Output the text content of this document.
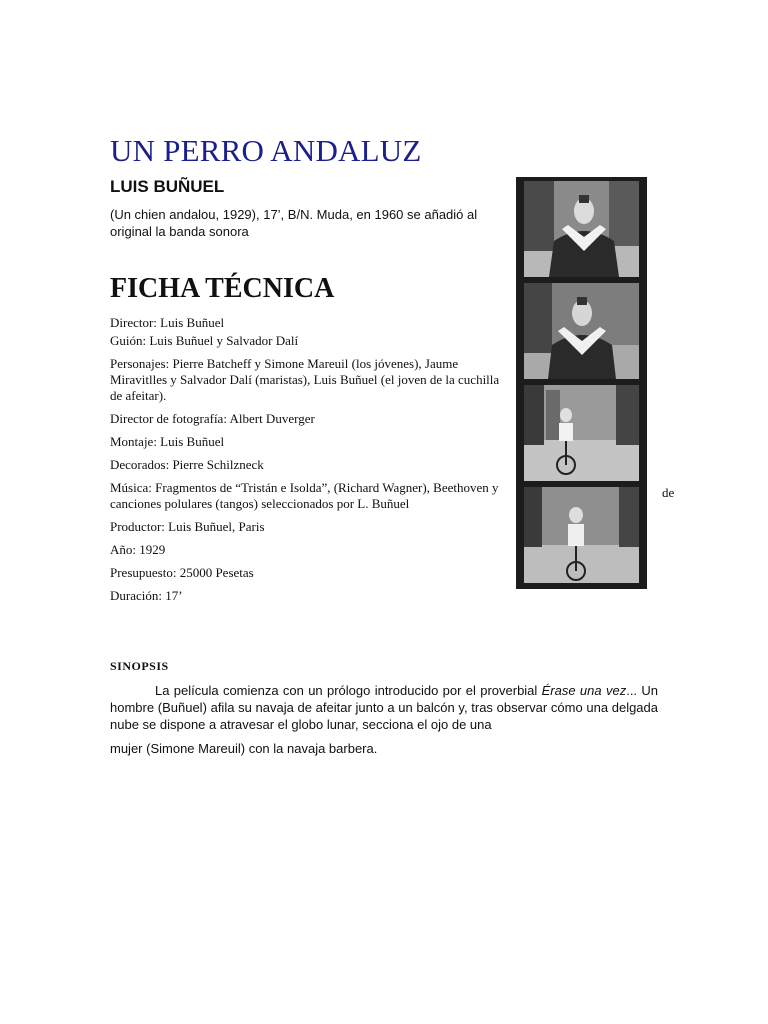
UN PERRO ANDALUZ
LUIS BUÑUEL

(Un chien andalou, 1929), 17’, B/N. Muda, en 1960 se añadió al original la banda sonora

FICHA TÉCNICA

Director: Luis Buñuel

Guión: Luis Buñuel y Salvador Dalí

Personajes: Pierre Batcheff y Simone Mareuil (los jóvenes), Jaume Miravitlles y Salvador Dalí (maristas), Luis Buñuel (el joven de la cuchilla de afeitar).

Director de fotografía: Albert Duverger

Montaje: Luis Buñuel

Decorados: Pierre Schilzneck

Música: Fragmentos de “Tristán e Isolda”, (Richard Wagner), Beethoven y canciones polulares (tangos) seleccionados por L. Buñuel

Productor: Luis Buñuel, Paris

Año: 1929

Presupuesto: 25000 Pesetas

Duración: 17’

de
SINOPSIS

La película comienza con un prólogo introducido por el proverbial Érase una vez... Un hombre (Buñuel) afila su navaja de afeitar junto a un balcón y, tras observar cómo una delgada nube se dispone a atravesar el globo lunar, secciona el ojo de una

mujer (Simone Mareuil) con la navaja barbera.
